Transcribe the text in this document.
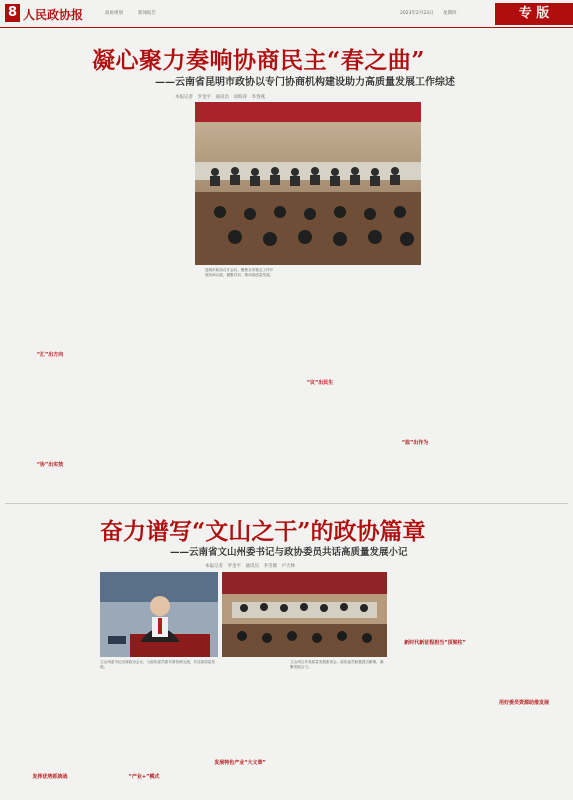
8 人民政协报	政协规划	新闻报告	2023年2月23日 星期四	专 版
凝心聚力奏响协商民主“春之曲”
——云南省昆明市政协以专门协商机构建设助力高质量发展工作综述
本报记者　罗金平　通讯员　刘海涛　李春燕
“汇”出方向
“协”出实效
昆明市政协召开会议，聚焦全市重点工作开展协商议政，凝聚共识，推动高质量发展。
“议”出民生
“监”出作为
奋力谱写“文山之干”的政协篇章
——云南省文山州委书记与政协委员共话高质量发展小记
本报记者　罗金平　通讯员　李雪薇　卢天林
发挥优势抓统战
文山州委书记出席政协会议，与政协委员面对面协商交流，共话高质量发展。
文山州召开高质量发展座谈会，政协委员积极建言献策，凝聚发展合力。
“产业+”模式
发展特色产业“大文章”
新时代新征程担当“顶梁柱”
用好委员资源助推发展
